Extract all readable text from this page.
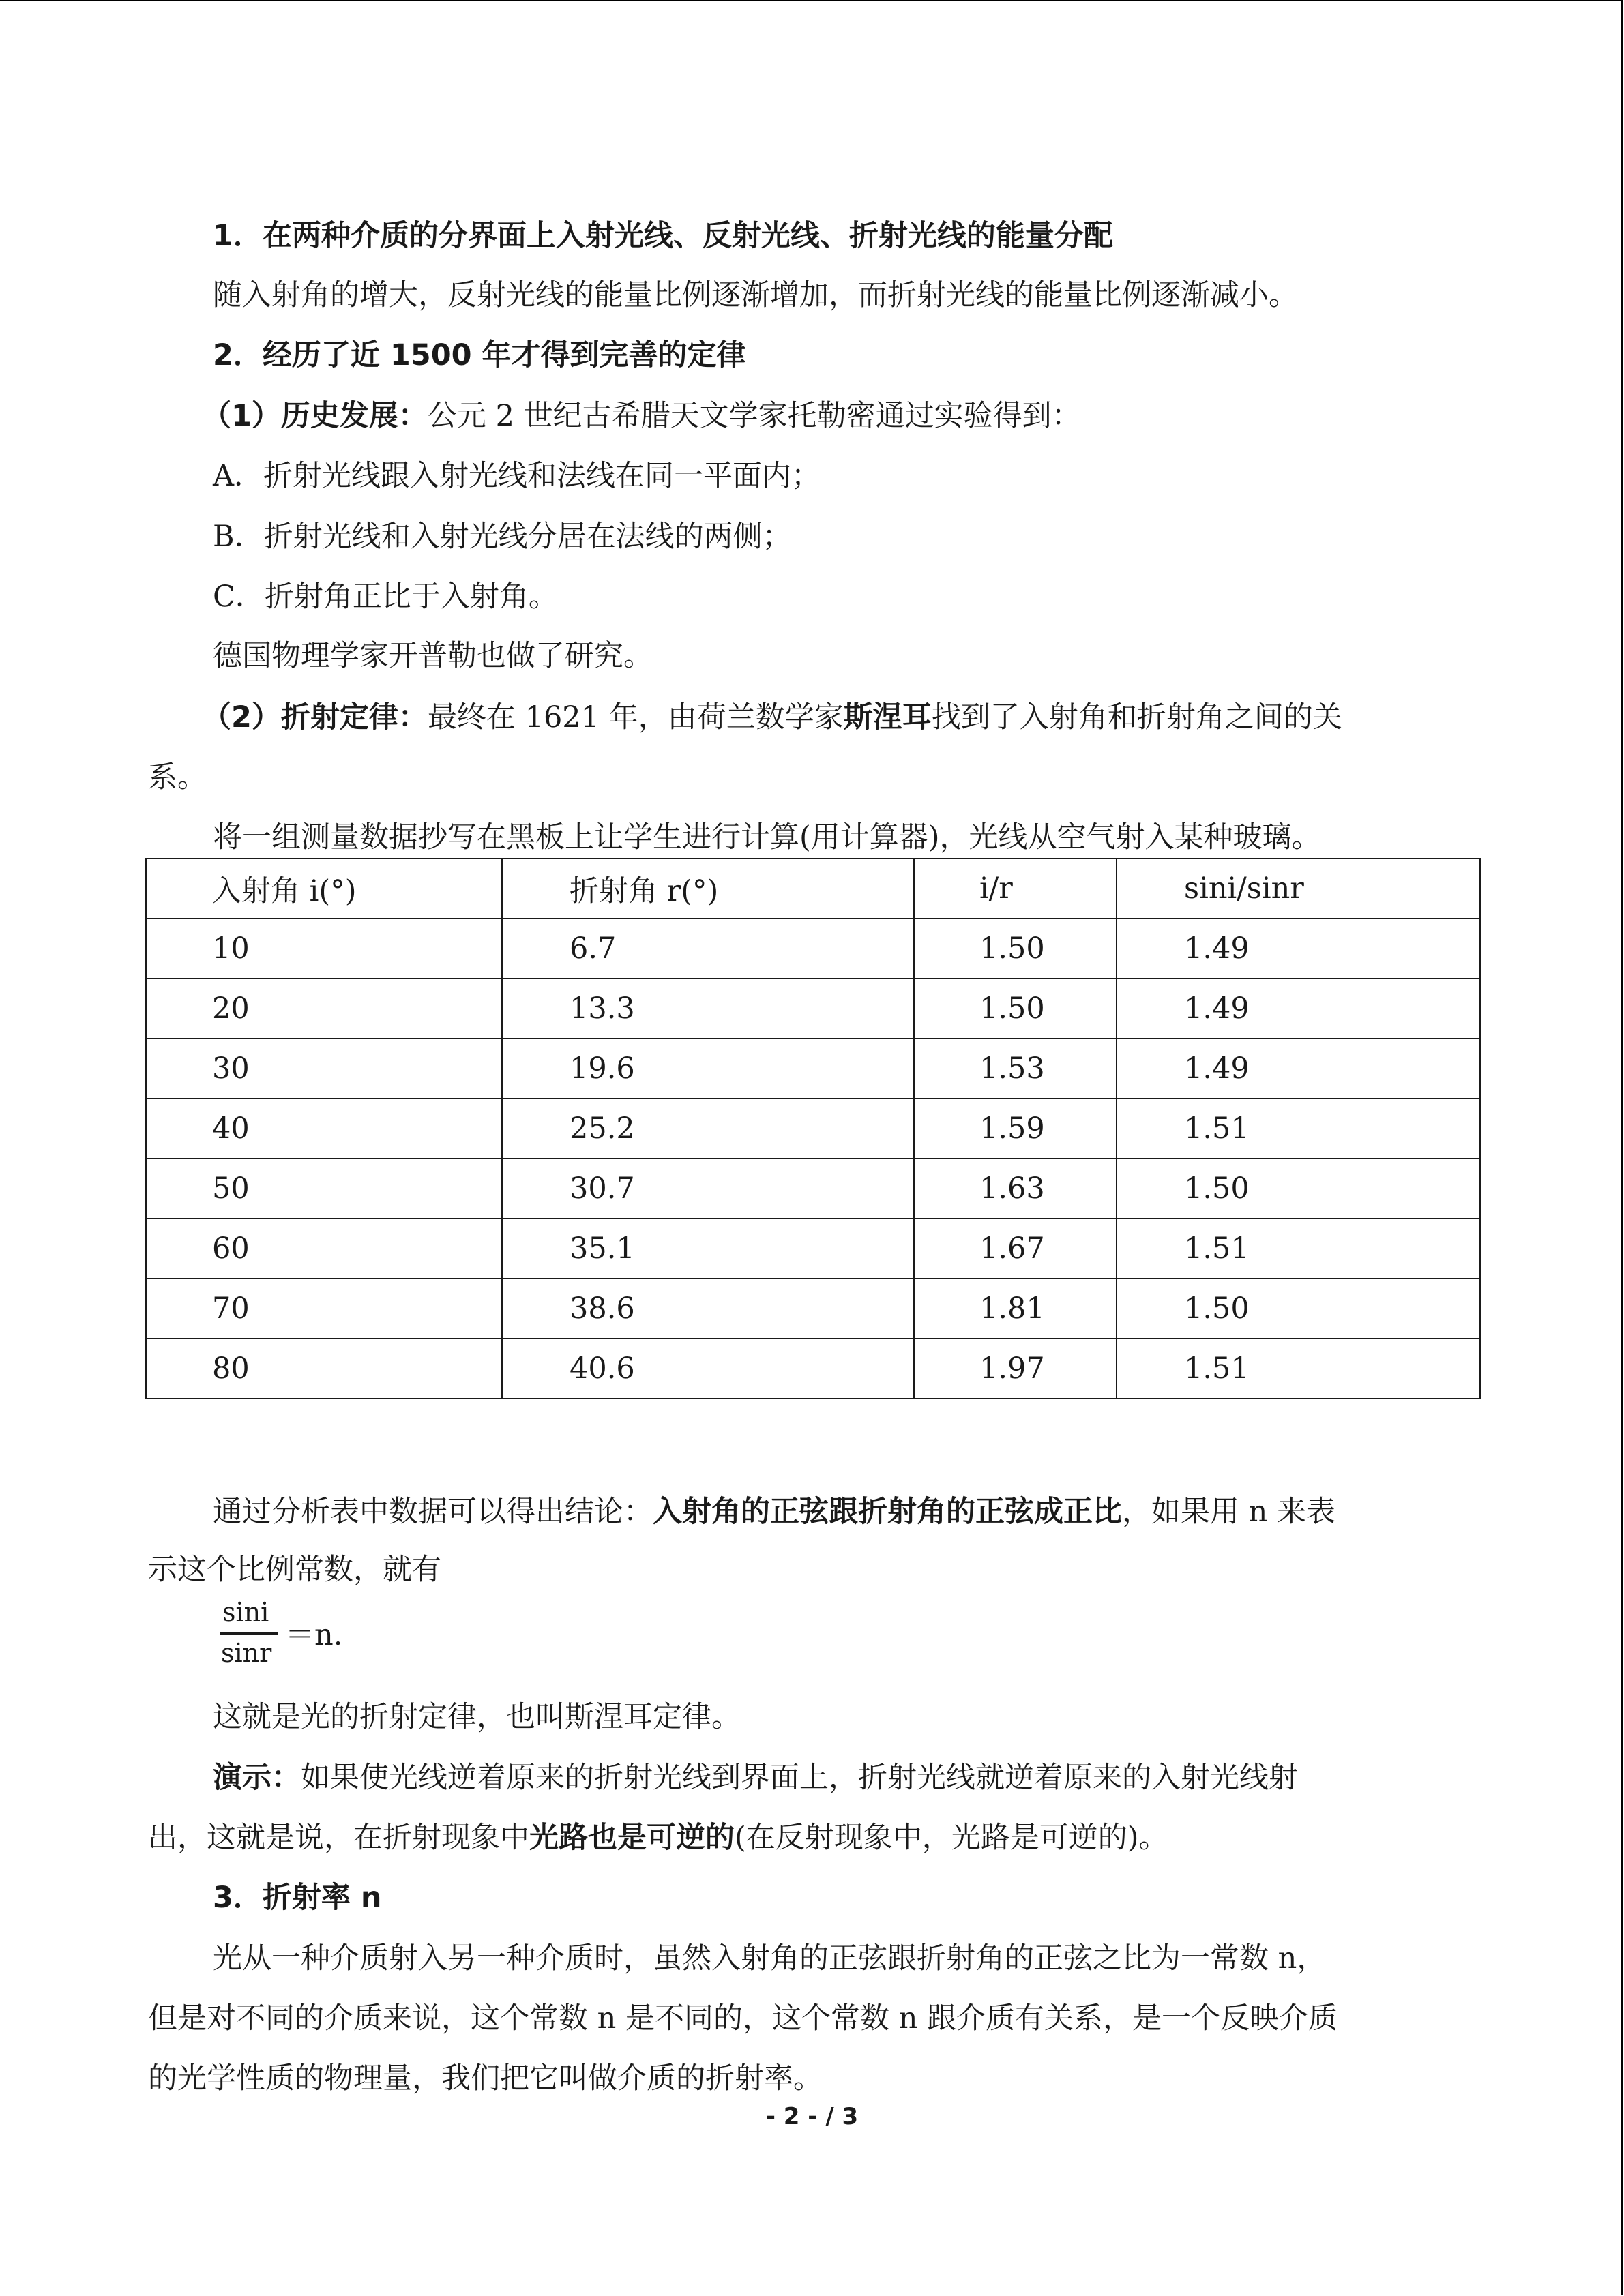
1．在两种介质的分界面上入射光线、反射光线、折射光线的能量分配
随入射角的增大，反射光线的能量比例逐渐增加，而折射光线的能量比例逐渐减小。
2．经历了近 1500 年才得到完善的定律
（1）历史发展：公元 2 世纪古希腊天文学家托勒密通过实验得到：
A．折射光线跟入射光线和法线在同一平面内；
B．折射光线和入射光线分居在法线的两侧；
C．折射角正比于入射角。
德国物理学家开普勒也做了研究。
（2）折射定律：最终在 1621 年，由荷兰数学家斯涅耳找到了入射角和折射角之间的关
系。
将一组测量数据抄写在黑板上让学生进行计算(用计算器)，光线从空气射入某种玻璃。
入射角 i(°)	折射角 r(°)	i/r	sini/sinr
10	6.7	1.50	1.49
20	13.3	1.50	1.49
30	19.6	1.53	1.49
40	25.2	1.59	1.51
50	30.7	1.63	1.50
60	35.1	1.67	1.51
70	38.6	1.81	1.50
80	40.6	1.97	1.51
通过分析表中数据可以得出结论：入射角的正弦跟折射角的正弦成正比，如果用 n 来表
示这个比例常数，就有
sini
sinr
＝n.
这就是光的折射定律，也叫斯涅耳定律。
演示：如果使光线逆着原来的折射光线到界面上，折射光线就逆着原来的入射光线射
出，这就是说，在折射现象中光路也是可逆的(在反射现象中，光路是可逆的)。
3．折射率 n
光从一种介质射入另一种介质时，虽然入射角的正弦跟折射角的正弦之比为一常数 n，
但是对不同的介质来说，这个常数 n 是不同的，这个常数 n 跟介质有关系，是一个反映介质
的光学性质的物理量，我们把它叫做介质的折射率。
- 2 - / 3
